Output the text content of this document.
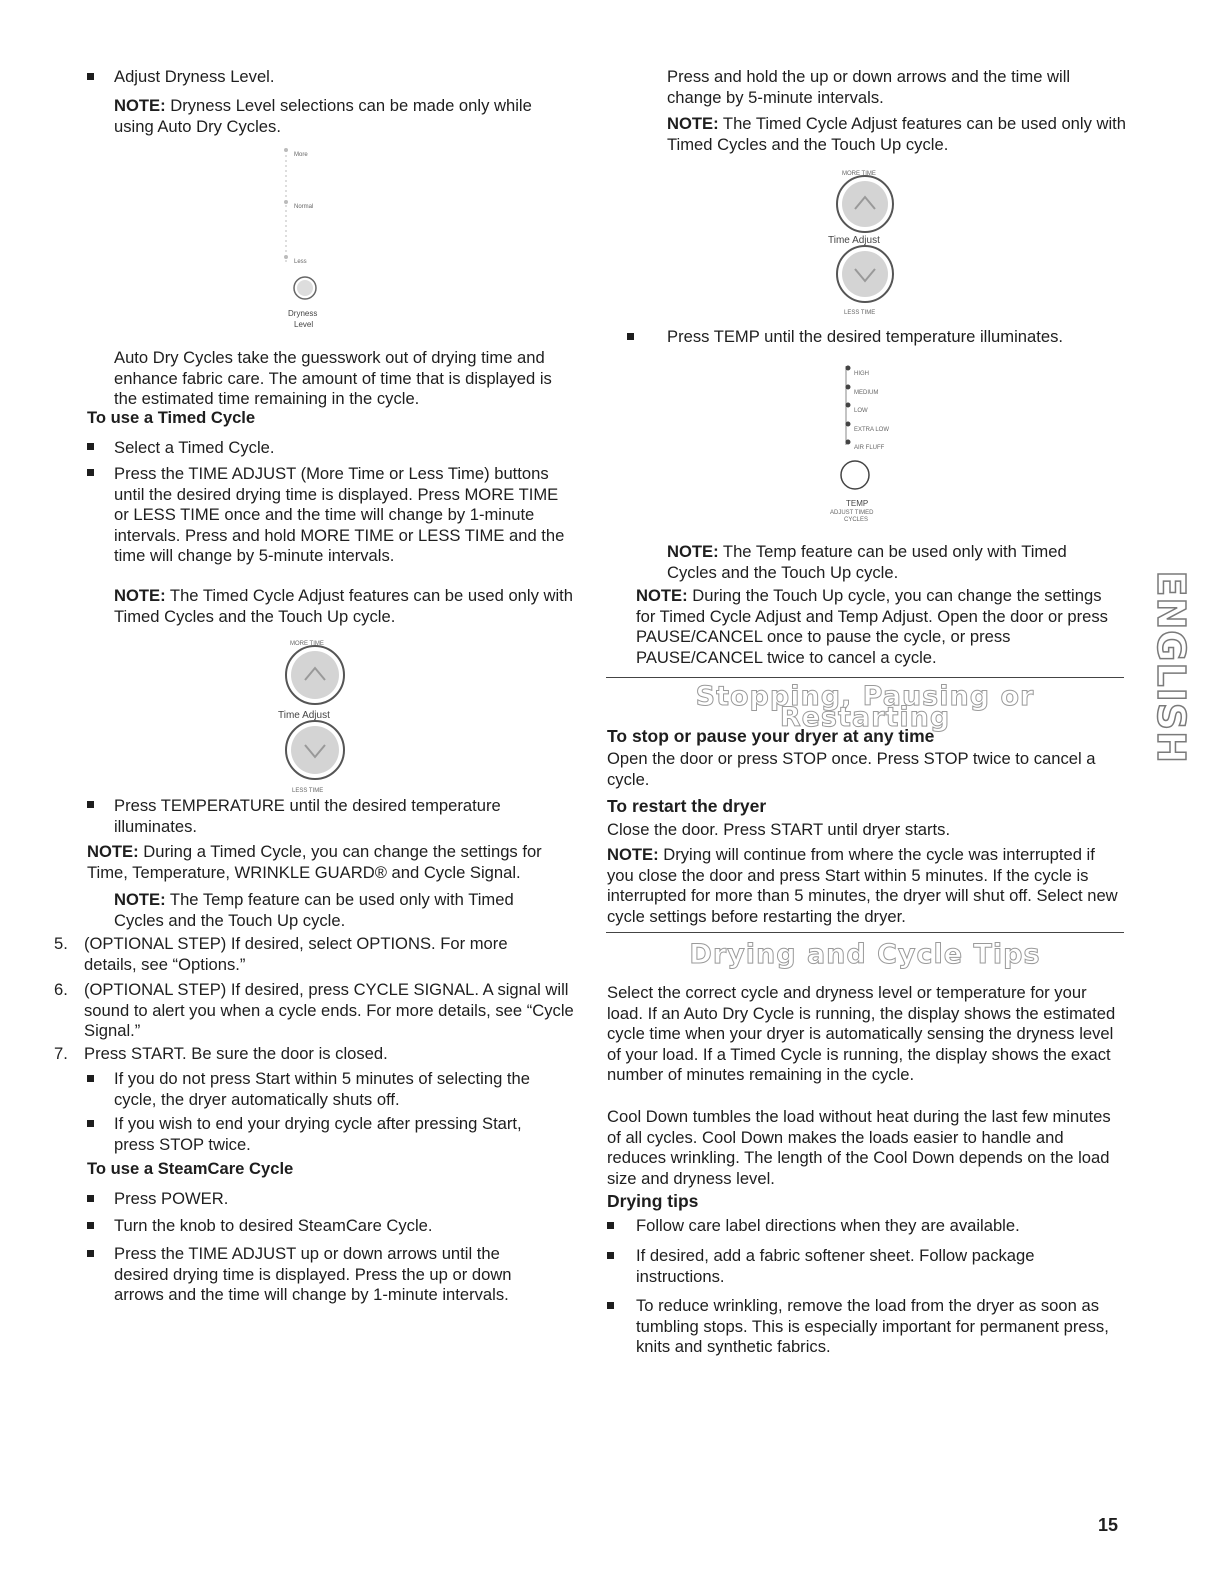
Adjust Dryness Level.

NOTE: Dryness Level selections can be made only while using Auto Dry Cycles.

More
Normal
Less
Dryness
Level

Auto Dry Cycles take the guesswork out of drying time and enhance fabric care. The amount of time that is displayed is the estimated time remaining in the cycle.

To use a Timed Cycle

Select a Timed Cycle.

Press the TIME ADJUST (More Time or Less Time) buttons until the desired drying time is displayed. Press MORE TIME or LESS TIME once and the time will change by 1-minute intervals. Press and hold MORE TIME or LESS TIME and the time will change by 5-minute intervals.

NOTE: The Timed Cycle Adjust features can be used only with Timed Cycles and the Touch Up cycle.

MORE TIME
Time Adjust
LESS TIME

Press TEMPERATURE until the desired temperature illuminates.

NOTE: During a Timed Cycle, you can change the settings for Time, Temperature, WRINKLE GUARD® and Cycle Signal.

NOTE: The Temp feature can be used only with Timed Cycles and the Touch Up cycle.

5. (OPTIONAL STEP) If desired, select OPTIONS. For more details, see “Options.”

6. (OPTIONAL STEP) If desired, press CYCLE SIGNAL. A signal will sound to alert you when a cycle ends. For more details, see “Cycle Signal.”

7. Press START. Be sure the door is closed.

If you do not press Start within 5 minutes of selecting the cycle, the dryer automatically shuts off.

If you wish to end your drying cycle after pressing Start, press STOP twice.

To use a SteamCare Cycle

Press POWER.

Turn the knob to desired SteamCare Cycle.

Press the TIME ADJUST up or down arrows until the desired drying time is displayed. Press the up or down arrows and the time will change by 1-minute intervals.

Press and hold the up or down arrows and the time will change by 5-minute intervals.

NOTE: The Timed Cycle Adjust features can be used only with Timed Cycles and the Touch Up cycle.

MORE TIME
Time Adjust
LESS TIME

Press TEMP until the desired temperature illuminates.

HIGH
MEDIUM
LOW
EXTRA LOW
AIR FLUFF
TEMP
ADJUST TIMED
CYCLES

NOTE: The Temp feature can be used only with Timed Cycles and the Touch Up cycle.

NOTE: During the Touch Up cycle, you can change the settings for Timed Cycle Adjust and Temp Adjust. Open the door or press PAUSE/CANCEL once to pause the cycle, or press PAUSE/CANCEL twice to cancel a cycle.

Stopping, Pausing or Restarting

To stop or pause your dryer at any time

Open the door or press STOP once. Press STOP twice to cancel a cycle.

To restart the dryer

Close the door. Press START until dryer starts.

NOTE: Drying will continue from where the cycle was interrupted if you close the door and press Start within 5 minutes. If the cycle is interrupted for more than 5 minutes, the dryer will shut off. Select new cycle settings before restarting the dryer.

Drying and Cycle Tips

Select the correct cycle and dryness level or temperature for your load. If an Auto Dry Cycle is running, the display shows the estimated cycle time when your dryer is automatically sensing the dryness level of your load. If a Timed Cycle is running, the display shows the exact number of minutes remaining in the cycle.

Cool Down tumbles the load without heat during the last few minutes of all cycles. Cool Down makes the loads easier to handle and reduces wrinkling. The length of the Cool Down depends on the load size and dryness level.

Drying tips

Follow care label directions when they are available.

If desired, add a fabric softener sheet. Follow package instructions.

To reduce wrinkling, remove the load from the dryer as soon as tumbling stops. This is especially important for permanent press, knits and synthetic fabrics.

ENGLISH
15
